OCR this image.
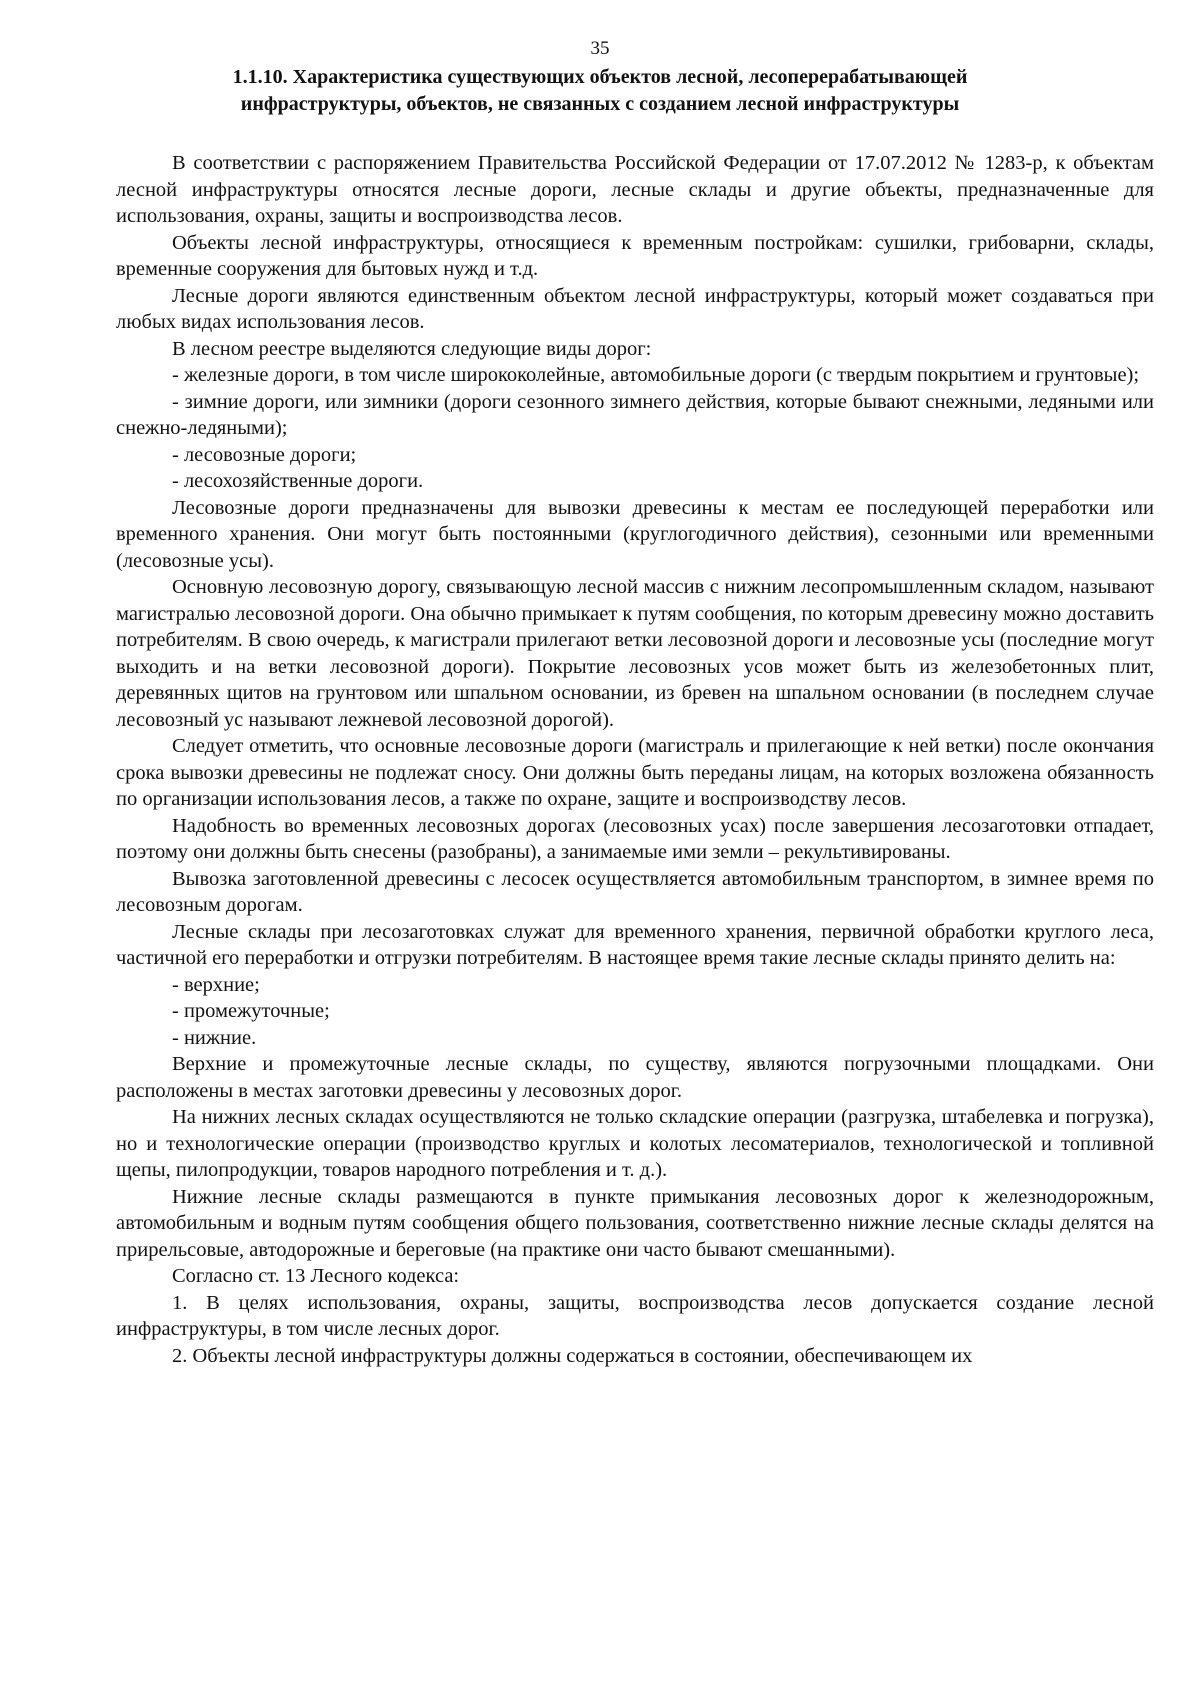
35
1.1.10. Характеристика существующих объектов лесной, лесоперерабатывающей
инфраструктуры, объектов, не связанных с созданием лесной инфраструктуры

В соответствии с распоряжением Правительства Российской Федерации от 17.07.2012 № 1283-р, к объектам лесной инфраструктуры относятся лесные дороги, лесные склады и другие объекты, предназначенные для использования, охраны, защиты и воспроизводства лесов.

Объекты лесной инфраструктуры, относящиеся к временным постройкам: сушилки, грибоварни, склады, временные сооружения для бытовых нужд и т.д.

Лесные дороги являются единственным объектом лесной инфраструктуры, который может создаваться при любых видах использования лесов.

В лесном реестре выделяются следующие виды дорог:

- железные дороги, в том числе ширококолейные, автомобильные дороги (с твердым покрытием и грунтовые);

- зимние дороги, или зимники (дороги сезонного зимнего действия, которые бывают снежными, ледяными или снежно-ледяными);

- лесовозные дороги;

- лесохозяйственные дороги.

Лесовозные дороги предназначены для вывозки древесины к местам ее последующей переработки или временного хранения. Они могут быть постоянными (круглогодичного действия), сезонными или временными (лесовозные усы).

Основную лесовозную дорогу, связывающую лесной массив с нижним лесопромышленным складом, называют магистралью лесовозной дороги. Она обычно примыкает к путям сообщения, по которым древесину можно доставить потребителям. В свою очередь, к магистрали прилегают ветки лесовозной дороги и лесовозные усы (последние могут выходить и на ветки лесовозной дороги). Покрытие лесовозных усов может быть из железобетонных плит, деревянных щитов на грунтовом или шпальном основании, из бревен на шпальном основании (в последнем случае лесовозный ус называют лежневой лесовозной дорогой).

Следует отметить, что основные лесовозные дороги (магистраль и прилегающие к ней ветки) после окончания срока вывозки древесины не подлежат сносу. Они должны быть переданы лицам, на которых возложена обязанность по организации использования лесов, а также по охране, защите и воспроизводству лесов.

Надобность во временных лесовозных дорогах (лесовозных усах) после завершения лесозаготовки отпадает, поэтому они должны быть снесены (разобраны), а занимаемые ими земли – рекультивированы.

Вывозка заготовленной древесины с лесосек осуществляется автомобильным транспортом, в зимнее время по лесовозным дорогам.

Лесные склады при лесозаготовках служат для временного хранения, первичной обработки круглого леса, частичной его переработки и отгрузки потребителям. В настоящее время такие лесные склады принято делить на:

- верхние;

- промежуточные;

- нижние.

Верхние и промежуточные лесные склады, по существу, являются погрузочными площадками. Они расположены в местах заготовки древесины у лесовозных дорог.

На нижних лесных складах осуществляются не только складские операции (разгрузка, штабелевка и погрузка), но и технологические операции (производство круглых и колотых лесоматериалов, технологической и топливной щепы, пилопродукции, товаров народного потребления и т. д.).

Нижние лесные склады размещаются в пункте примыкания лесовозных дорог к железнодорожным, автомобильным и водным путям сообщения общего пользования, соответственно нижние лесные склады делятся на прирельсовые, автодорожные и береговые (на практике они часто бывают смешанными).

Согласно ст. 13 Лесного кодекса:

1. В целях использования, охраны, защиты, воспроизводства лесов допускается создание лесной инфраструктуры, в том числе лесных дорог.

2. Объекты лесной инфраструктуры должны содержаться в состоянии, обеспечивающем их
